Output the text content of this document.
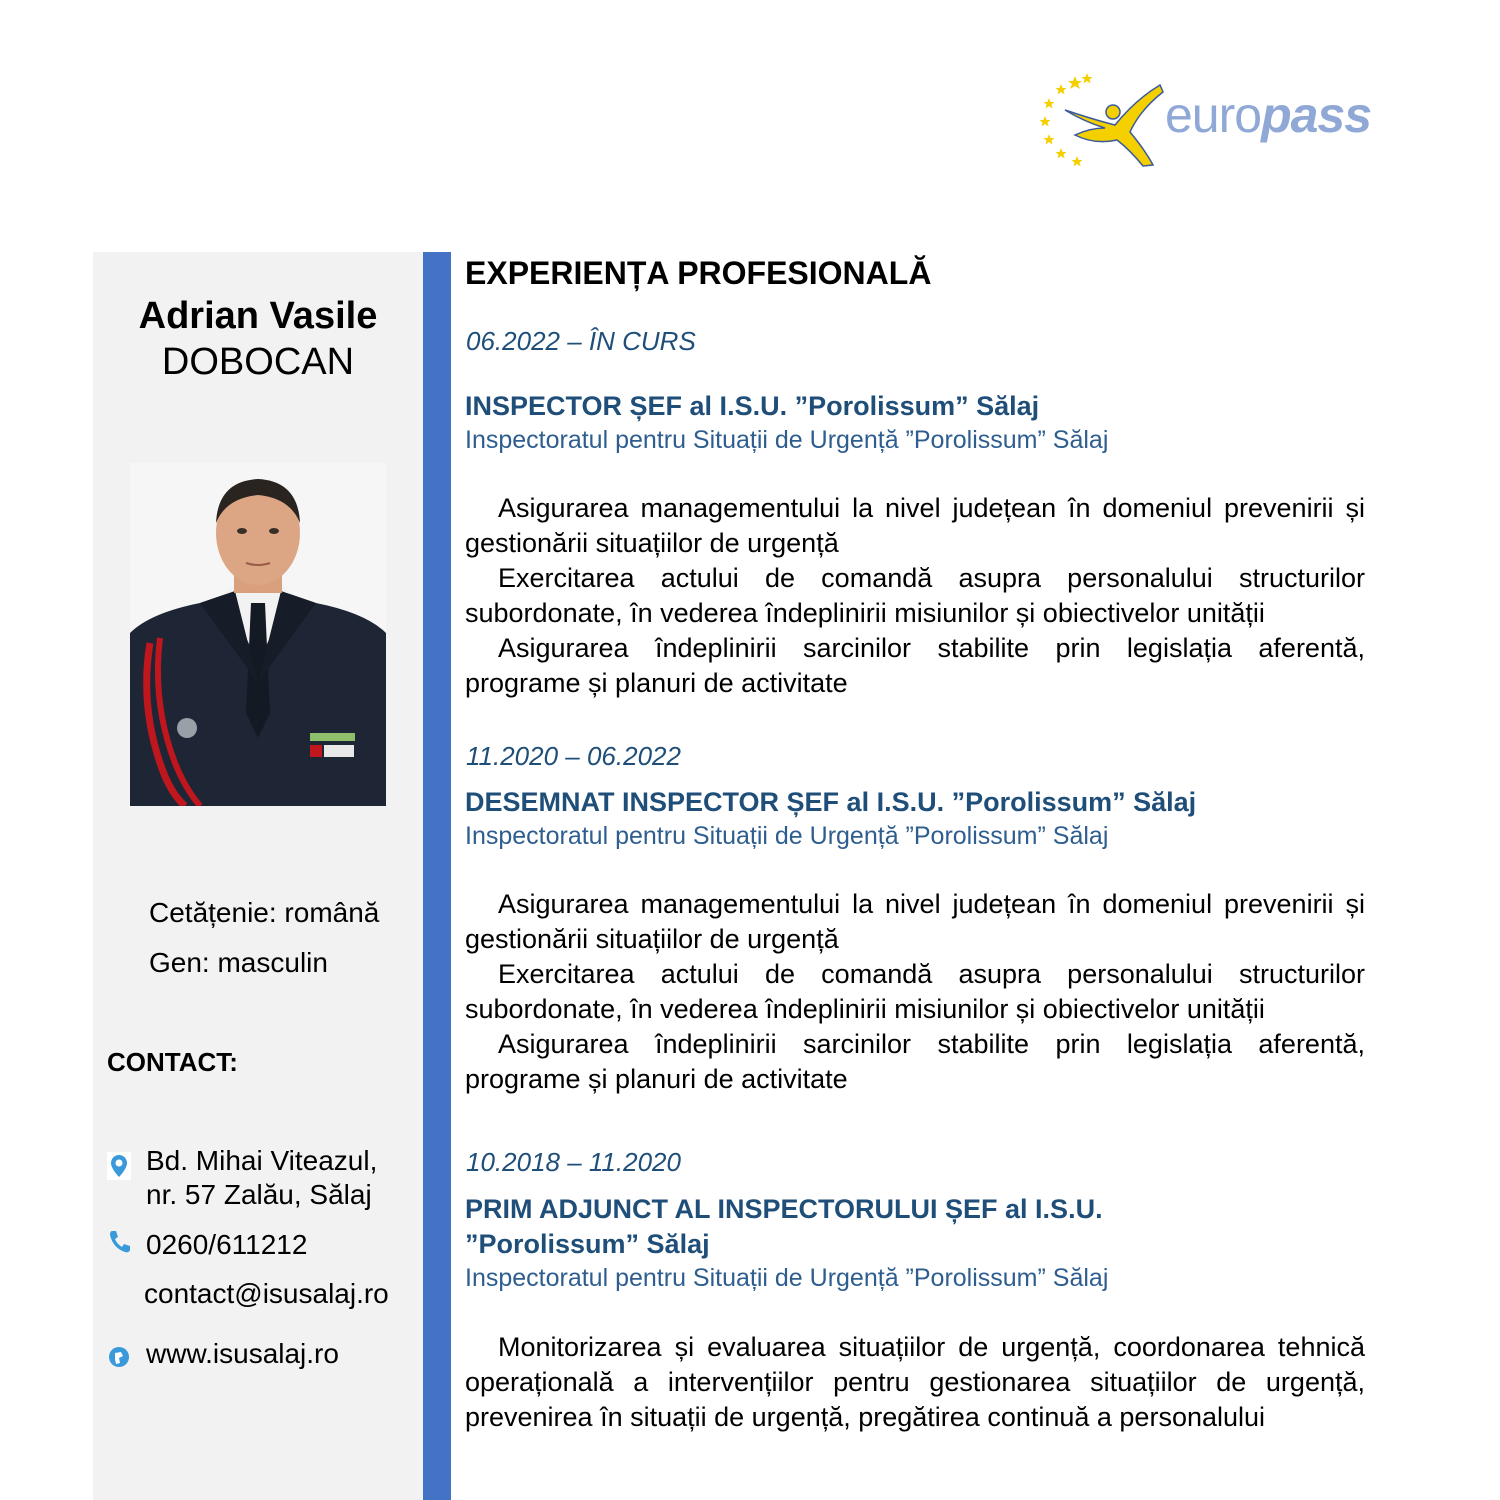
europass
Adrian Vasile
DOBOCAN
Cetățenie: română
Gen: masculin
CONTACT:
Bd. Mihai Viteazul,
nr. 57 Zalău, Sălaj
0260/611212
contact@isusalaj.ro
www.isusalaj.ro
EXPERIENȚA PROFESIONALĂ
06.2022 – ÎN CURS
INSPECTOR ȘEF al I.S.U. ”Porolissum” Sălaj
Inspectoratul pentru Situații de Urgență ”Porolissum” Sălaj

Asigurarea managementului la nivel județean în domeniul prevenirii și gestionării situațiilor de urgență

Exercitarea actului de comandă asupra personalului structurilor subordonate, în vederea îndeplinirii misiunilor și obiectivelor unității

Asigurarea îndeplinirii sarcinilor stabilite prin legislația aferentă, programe și planuri de activitate

11.2020 – 06.2022
DESEMNAT INSPECTOR ȘEF al I.S.U. ”Porolissum” Sălaj
Inspectoratul pentru Situații de Urgență ”Porolissum” Sălaj

Asigurarea managementului la nivel județean în domeniul prevenirii și gestionării situațiilor de urgență

Exercitarea actului de comandă asupra personalului structurilor subordonate, în vederea îndeplinirii misiunilor și obiectivelor unității

Asigurarea îndeplinirii sarcinilor stabilite prin legislația aferentă, programe și planuri de activitate

10.2018 – 11.2020
PRIM ADJUNCT AL INSPECTORULUI ȘEF al I.S.U.
”Porolissum” Sălaj
Inspectoratul pentru Situații de Urgență ”Porolissum” Sălaj

Monitorizarea și evaluarea situațiilor de urgență, coordonarea tehnică operațională a intervențiilor pentru gestionarea situațiilor de urgență, prevenirea în situații de urgență, pregătirea continuă a personalului
